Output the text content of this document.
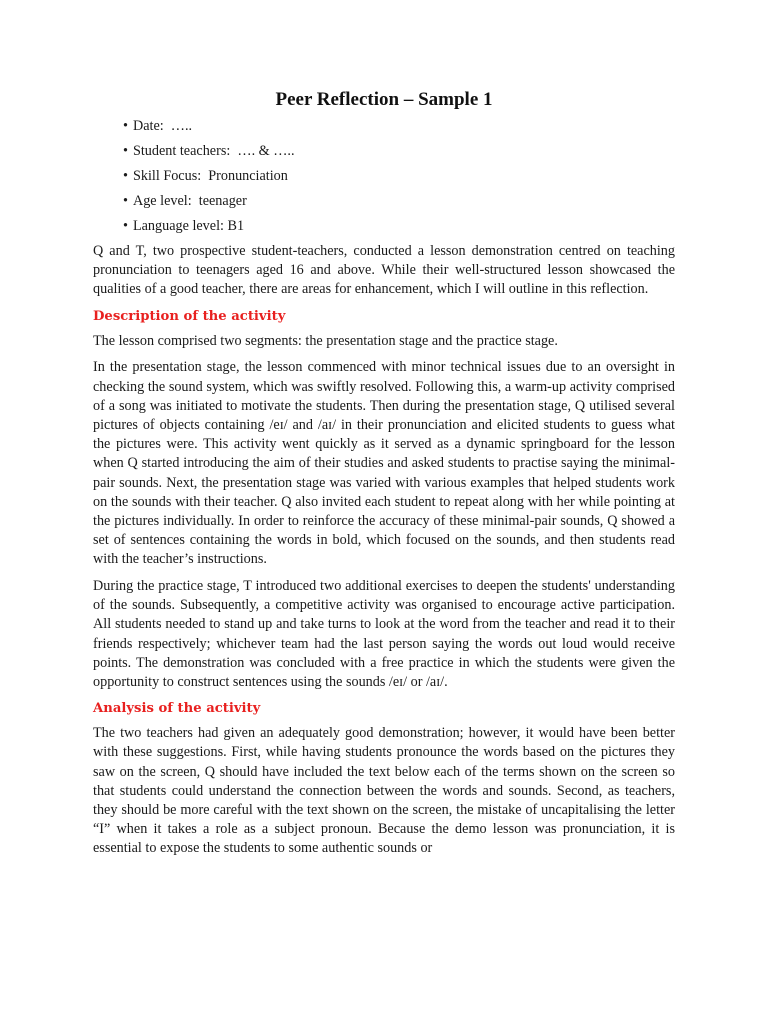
Peer Reflection – Sample 1
• Date: …..
• Student teachers: …. & …..
• Skill Focus: Pronunciation
• Age level: teenager
• Language level: B1

Q and T, two prospective student-teachers, conducted a lesson demonstration centred on teaching pronunciation to teenagers aged 16 and above. While their well-structured lesson showcased the qualities of a good teacher, there are areas for enhancement, which I will outline in this reflection.

Description of the activity

The lesson comprised two segments: the presentation stage and the practice stage.

In the presentation stage, the lesson commenced with minor technical issues due to an oversight in checking the sound system, which was swiftly resolved. Following this, a warm-up activity comprised of a song was initiated to motivate the students. Then during the presentation stage, Q utilised several pictures of objects containing /eɪ/ and /aɪ/ in their pronunciation and elicited students to guess what the pictures were. This activity went quickly as it served as a dynamic springboard for the lesson when Q started introducing the aim of their studies and asked students to practise saying the minimal-pair sounds. Next, the presentation stage was varied with various examples that helped students work on the sounds with their teacher. Q also invited each student to repeat along with her while pointing at the pictures individually. In order to reinforce the accuracy of these minimal-pair sounds, Q showed a set of sentences containing the words in bold, which focused on the sounds, and then students read with the teacher’s instructions.

During the practice stage, T introduced two additional exercises to deepen the students' understanding of the sounds. Subsequently, a competitive activity was organised to encourage active participation. All students needed to stand up and take turns to look at the word from the teacher and read it to their friends respectively; whichever team had the last person saying the words out loud would receive points. The demonstration was concluded with a free practice in which the students were given the opportunity to construct sentences using the sounds /eɪ/ or /aɪ/.

Analysis of the activity

The two teachers had given an adequately good demonstration; however, it would have been better with these suggestions. First, while having students pronounce the words based on the pictures they saw on the screen, Q should have included the text below each of the terms shown on the screen so that students could understand the connection between the words and sounds. Second, as teachers, they should be more careful with the text shown on the screen, the mistake of uncapitalising the letter “I” when it takes a role as a subject pronoun. Because the demo lesson was pronunciation, it is essential to expose the students to some authentic sounds or
